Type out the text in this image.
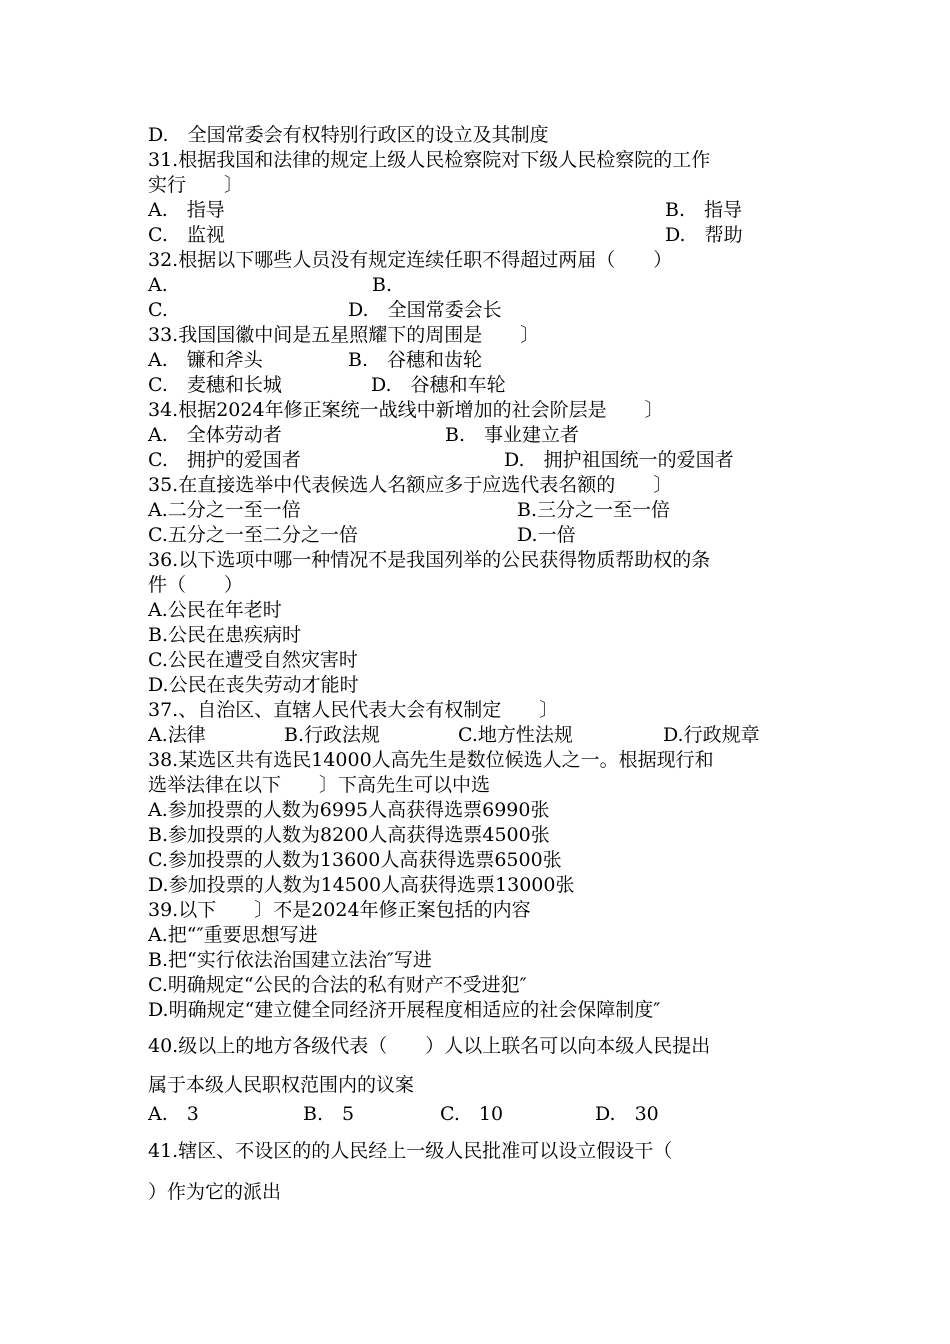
D.　全国常委会有权特别行政区的设立及其制度
31.根据我国和法律的规定上级人民检察院对下级人民检察院的工作
实行　　〕

A.　指导

	B.　指导

C.　监视

	D.　帮助

32.根据以下哪些人员没有规定连续任职不得超过两届（　　）

A.

	B.

C.

	D.　全国常委会长

33.我国国徽中间是五星照耀下的周围是　　〕

A.　镰和斧头

	B.　谷穗和齿轮

C.　麦穗和长城

	D.　谷穗和车轮

34.根据2024年修正案统一战线中新增加的社会阶层是　　〕

A.　全体劳动者

	B.　事业建立者

C.　拥护的爱国者

	D.　拥护祖国统一的爱国者

35.在直接选举中代表候选人名额应多于应选代表名额的　　〕

A.二分之一至一倍

	B.三分之一至一倍

C.五分之一至二分之一倍

	D.一倍

36.以下选项中哪一种情况不是我国列举的公民获得物质帮助权的条
件（　　）
A.公民在年老时
B.公民在患疾病时
C.公民在遭受自然灾害时
D.公民在丧失劳动才能时
37.、自治区、直辖人民代表大会有权制定　　〕

A.法律

	B.行政法规

	C.地方性法规

	D.行政规章

38.某选区共有选民14000人高先生是数位候选人之一。根据现行和
选举法律在以下　　〕下高先生可以中选
A.参加投票的人数为6995人高获得选票6990张
B.参加投票的人数为8200人高获得选票4500张
C.参加投票的人数为13600人高获得选票6500张
D.参加投票的人数为14500人高获得选票13000张
39.以下　　〕不是2024年修正案包括的内容
A.把“″重要思想写进
B.把“实行依法治国建立法治″写进
C.明确规定“公民的合法的私有财产不受进犯″
D.明确规定“建立健全同经济开展程度相适应的社会保障制度″
40.级以上的地方各级代表（　　）人以上联名可以向本级人民提出
属于本级人民职权范围内的议案

A.　3

	B.　5

	C.　10

	D.　30

41.辖区、不设区的的人民经上一级人民批准可以设立假设干（
）作为它的派出
